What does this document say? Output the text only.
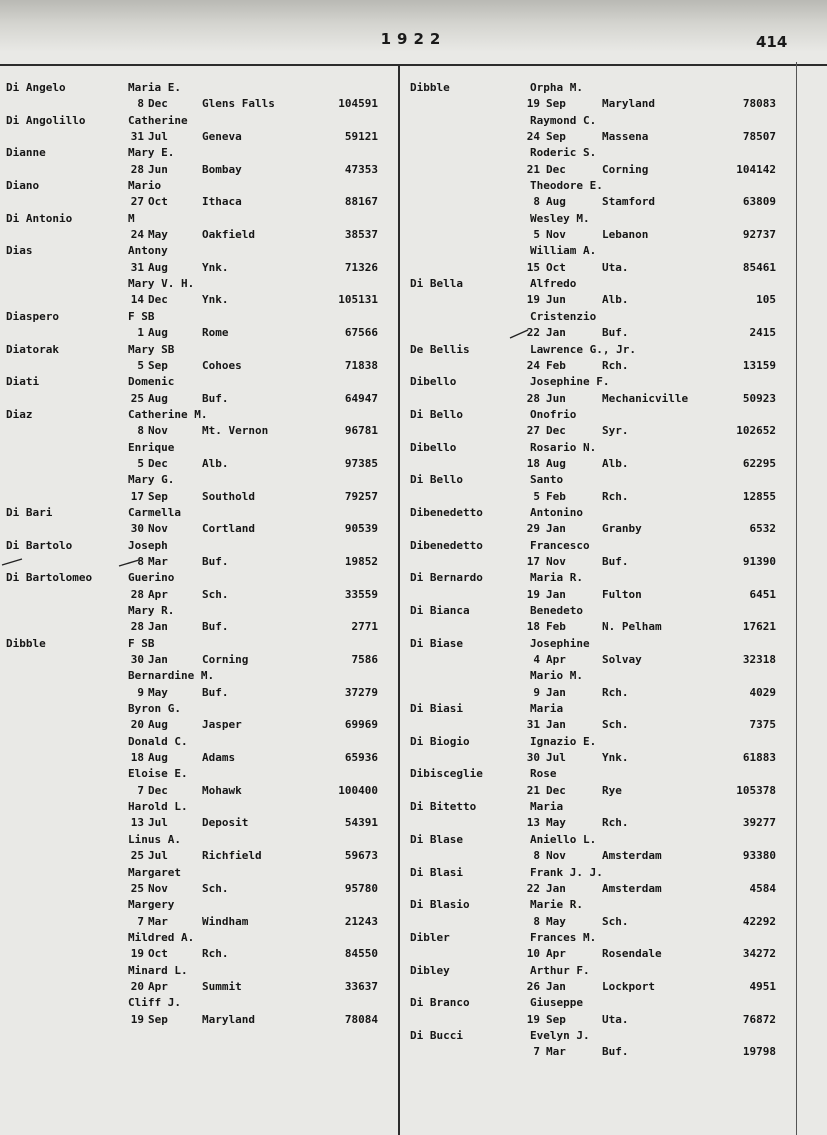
1922	414
Di Angelo	Maria E.
8 Dec	Glens Falls	104591
Di Angolillo	Catherine
31 Jul	Geneva	59121
Dianne	Mary E.
28 Jun	Bombay	47353
Diano	Mario
27 Oct	Ithaca	88167
Di Antonio	M
24 May	Oakfield	38537
Dias	Antony
31 Aug	Ynk.	71326
Mary V. H.
14 Dec	Ynk.	105131
Diaspero	F SB
1 Aug	Rome	67566
Diatorak	Mary SB
5 Sep	Cohoes	71838
Diati	Domenic
25 Aug	Buf.	64947
Diaz	Catherine M.
8 Nov	Mt. Vernon	96781
Enrique
5 Dec	Alb.	97385
Mary G.
17 Sep	Southold	79257
Di Bari	Carmella
30 Nov	Cortland	90539
Di Bartolo	Joseph
8 Mar	Buf.	19852
Di Bartolomeo	Guerino
28 Apr	Sch.	33559
Mary R.
28 Jan	Buf.	2771
Dibble	F SB
30 Jan	Corning	7586
Bernardine M.
9 May	Buf.	37279
Byron G.
20 Aug	Jasper	69969
Donald C.
18 Aug	Adams	65936
Eloise E.
7 Dec	Mohawk	100400
Harold L.
13 Jul	Deposit	54391
Linus A.
25 Jul	Richfield	59673
Margaret
25 Nov	Sch.	95780
Margery
7 Mar	Windham	21243
Mildred A.
19 Oct	Rch.	84550
Minard L.
20 Apr	Summit	33637
Cliff J.
19 Sep	Maryland	78084
Dibble	Orpha M.
19 Sep	Maryland	78083
Raymond C.
24 Sep	Massena	78507
Roderic S.
21 Dec	Corning	104142
Theodore E.
8 Aug	Stamford	63809
Wesley M.
5 Nov	Lebanon	92737
William A.
15 Oct	Uta.	85461
Di Bella	Alfredo
19 Jun	Alb.	105
Cristenzio
22 Jan	Buf.	2415
De Bellis	Lawrence G., Jr.
24 Feb	Rch.	13159
Dibello	Josephine F.
28 Jun	Mechanicville	50923
Di Bello	Onofrio
27 Dec	Syr.	102652
Dibello	Rosario N.
18 Aug	Alb.	62295
Di Bello	Santo
5 Feb	Rch.	12855
Dibenedetto	Antonino
29 Jan	Granby	6532
Dibenedetto	Francesco
17 Nov	Buf.	91390
Di Bernardo	Maria R.
19 Jan	Fulton	6451
Di Bianca	Benedeto
18 Feb	N. Pelham	17621
Di Biase	Josephine
4 Apr	Solvay	32318
Mario M.
9 Jan	Rch.	4029
Di Biasi	Maria
31 Jan	Sch.	7375
Di Biogio	Ignazio E.
30 Jul	Ynk.	61883
Dibisceglie	Rose
21 Dec	Rye	105378
Di Bitetto	Maria
13 May	Rch.	39277
Di Blase	Aniello L.
8 Nov	Amsterdam	93380
Di Blasi	Frank J. J.
22 Jan	Amsterdam	4584
Di Blasio	Marie R.
8 May	Sch.	42292
Dibler	Frances M.
10 Apr	Rosendale	34272
Dibley	Arthur F.
26 Jan	Lockport	4951
Di Branco	Giuseppe
19 Sep	Uta.	76872
Di Bucci	Evelyn J.
7 Mar	Buf.	19798
